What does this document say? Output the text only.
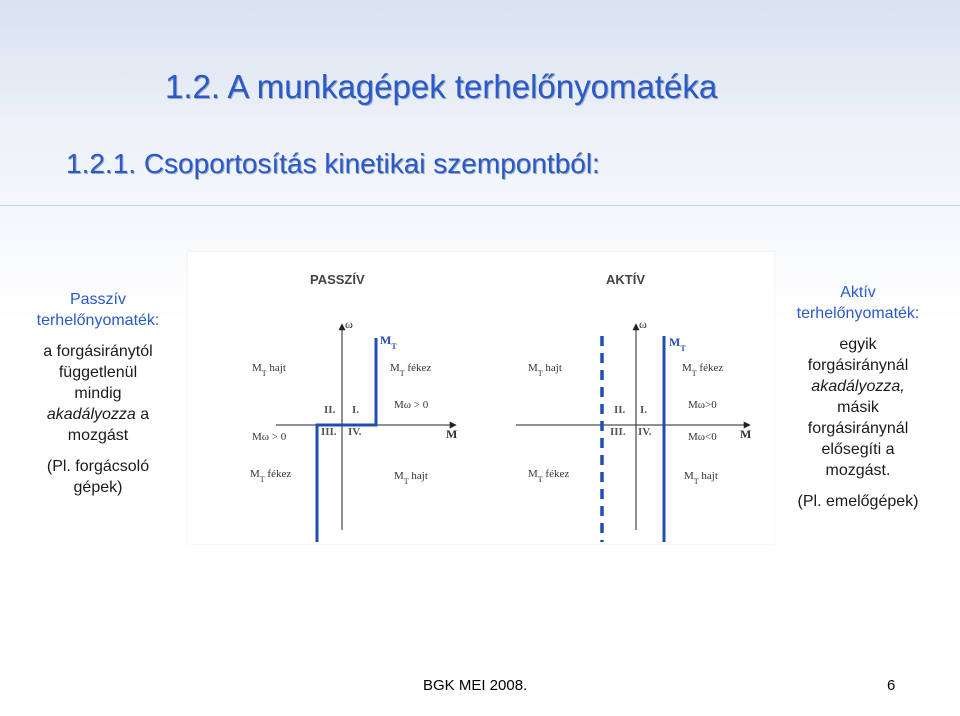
1.2. A munkagépek terhelőnyomatéka
1.2.1. Csoportosítás kinetikai szempontból:
Passzív
terhelőnyomaték:

a forgásiránytól

függetlenül

mindig

akadályozza a

mozgást

(Pl. forgácsoló

gépek)

Aktív
terhelőnyomaték:

egyik

forgásiránynál

akadályozza,

másik

forgásiránynál

elősegíti a

mozgást.

(Pl. emelőgépek)

PASSZÍV
ω
M
$M_T$
II. I.
III. IV.
$M_T$ hajt	$M_T$ fékez
Mω > 0
Mω > 0
$M_T$ fékez	$M_T$ hajt
AKTÍV
ω
M
$M_T$
II. I.
III. IV.
$M_T$ hajt	$M_T$ fékez
Mω>0
Mω<0
$M_T$ fékez	$M_T$ hajt
BGK MEI 2008.	6
